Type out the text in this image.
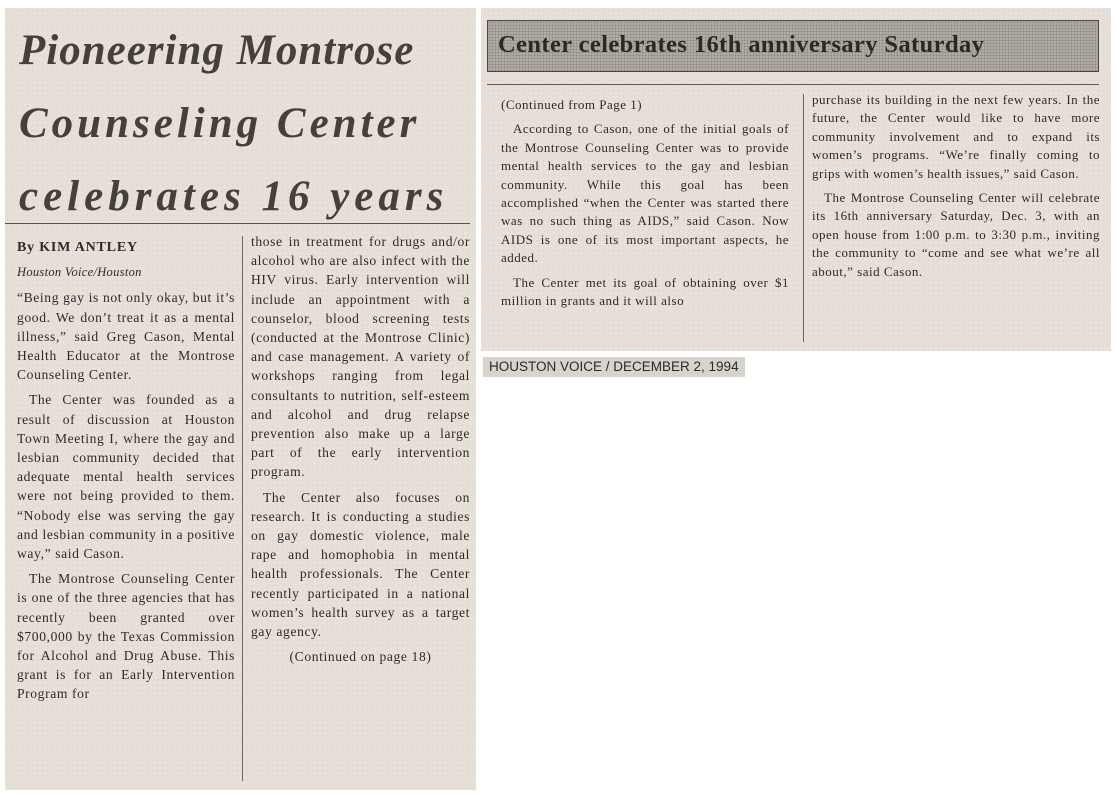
Pioneering Montrose
Counseling Center
celebrates 16 years

By KIM ANTLEY

Houston Voice/Houston

“Being gay is not only okay, but it’s good. We don’t treat it as a mental illness,” said Greg Cason, Mental Health Educator at the Montrose Counseling Center.

The Center was founded as a result of discussion at Houston Town Meeting I, where the gay and lesbian community decided that adequate mental health services were not being provided to them. “Nobody else was serving the gay and lesbian community in a positive way,” said Cason.

The Montrose Counseling Center is one of the three agencies that has recently been granted over $700,000 by the Texas Commission for Alcohol and Drug Abuse. This grant is for an Early Intervention Program for

those in treatment for drugs and/or alcohol who are also infect with the HIV virus. Early intervention will include an appointment with a counselor, blood screening tests (conducted at the Montrose Clinic) and case management. A variety of workshops ranging from legal consultants to nutrition, self-esteem and alcohol and drug relapse prevention also make up a large part of the early intervention program.

The Center also focuses on research. It is conducting a studies on gay domestic violence, male rape and homophobia in mental health professionals. The Center recently participated in a national women’s health survey as a target gay agency.

(Continued on page 18)

Center celebrates 16th anniversary Saturday

(Continued from Page 1)

According to Cason, one of the initial goals of the Montrose Counseling Center was to provide mental health services to the gay and lesbian community. While this goal has been accomplished “when the Center was started there was no such thing as AIDS,” said Cason. Now AIDS is one of its most important aspects, he added.

The Center met its goal of obtaining over $1 million in grants and it will also

purchase its building in the next few years. In the future, the Center would like to have more community involvement and to expand its women’s programs. “We’re finally coming to grips with women’s health issues,” said Cason.

The Montrose Counseling Center will celebrate its 16th anniversary Saturday, Dec. 3, with an open house from 1:00 p.m. to 3:30 p.m., inviting the community to “come and see what we’re all about,” said Cason.

HOUSTON VOICE / DECEMBER 2, 1994
